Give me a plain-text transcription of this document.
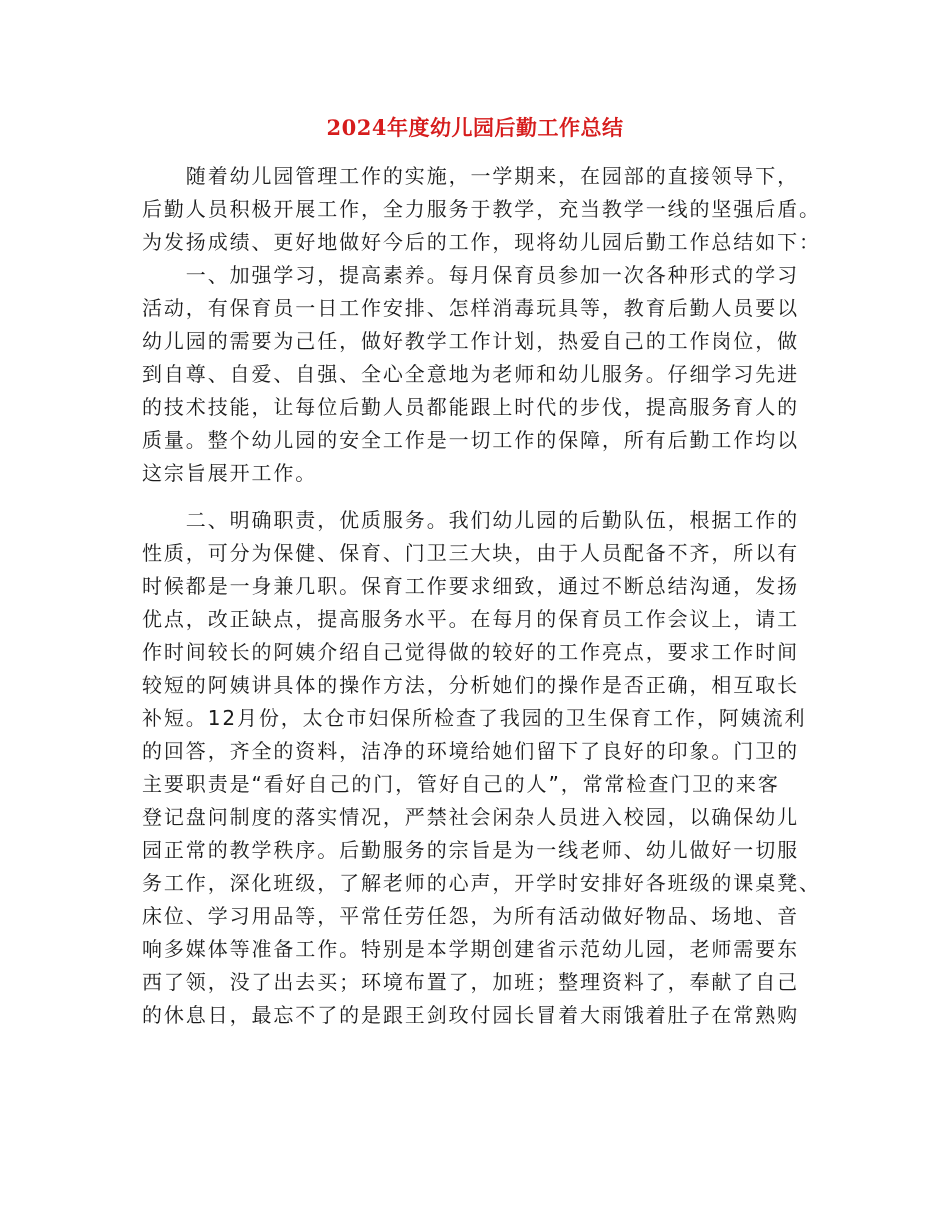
2024年度幼儿园后勤工作总结
　　随着幼儿园管理工作的实施，一学期来，在园部的直接领导下，
后勤人员积极开展工作，全力服务于教学，充当教学一线的坚强后盾。
为发扬成绩、更好地做好今后的工作，现将幼儿园后勤工作总结如下：
　　一、加强学习，提高素养。每月保育员参加一次各种形式的学习
活动，有保育员一日工作安排、怎样消毒玩具等，教育后勤人员要以
幼儿园的需要为己任，做好教学工作计划，热爱自己的工作岗位，做
到自尊、自爱、自强、全心全意地为老师和幼儿服务。仔细学习先进
的技术技能，让每位后勤人员都能跟上时代的步伐，提高服务育人的
质量。整个幼儿园的安全工作是一切工作的保障，所有后勤工作均以
这宗旨展开工作。
　　二、明确职责，优质服务。我们幼儿园的后勤队伍，根据工作的
性质，可分为保健、保育、门卫三大块，由于人员配备不齐，所以有
时候都是一身兼几职。保育工作要求细致，通过不断总结沟通，发扬
优点，改正缺点，提高服务水平。在每月的保育员工作会议上，请工
作时间较长的阿姨介绍自己觉得做的较好的工作亮点，要求工作时间
较短的阿姨讲具体的操作方法，分析她们的操作是否正确，相互取长
补短。12月份，太仓市妇保所检查了我园的卫生保育工作，阿姨流利
的回答，齐全的资料，洁净的环境给她们留下了良好的印象。门卫的
主要职责是“看好自己的门，管好自己的人”，常常检查门卫的来客
登记盘问制度的落实情况，严禁社会闲杂人员进入校园，以确保幼儿
园正常的教学秩序。后勤服务的宗旨是为一线老师、幼儿做好一切服
务工作，深化班级，了解老师的心声，开学时安排好各班级的课桌凳、
床位、学习用品等，平常任劳任怨，为所有活动做好物品、场地、音
响多媒体等准备工作。特别是本学期创建省示范幼儿园，老师需要东
西了领，没了出去买；环境布置了，加班；整理资料了，奉献了自己
的休息日，最忘不了的是跟王剑玫付园长冒着大雨饿着肚子在常熟购
